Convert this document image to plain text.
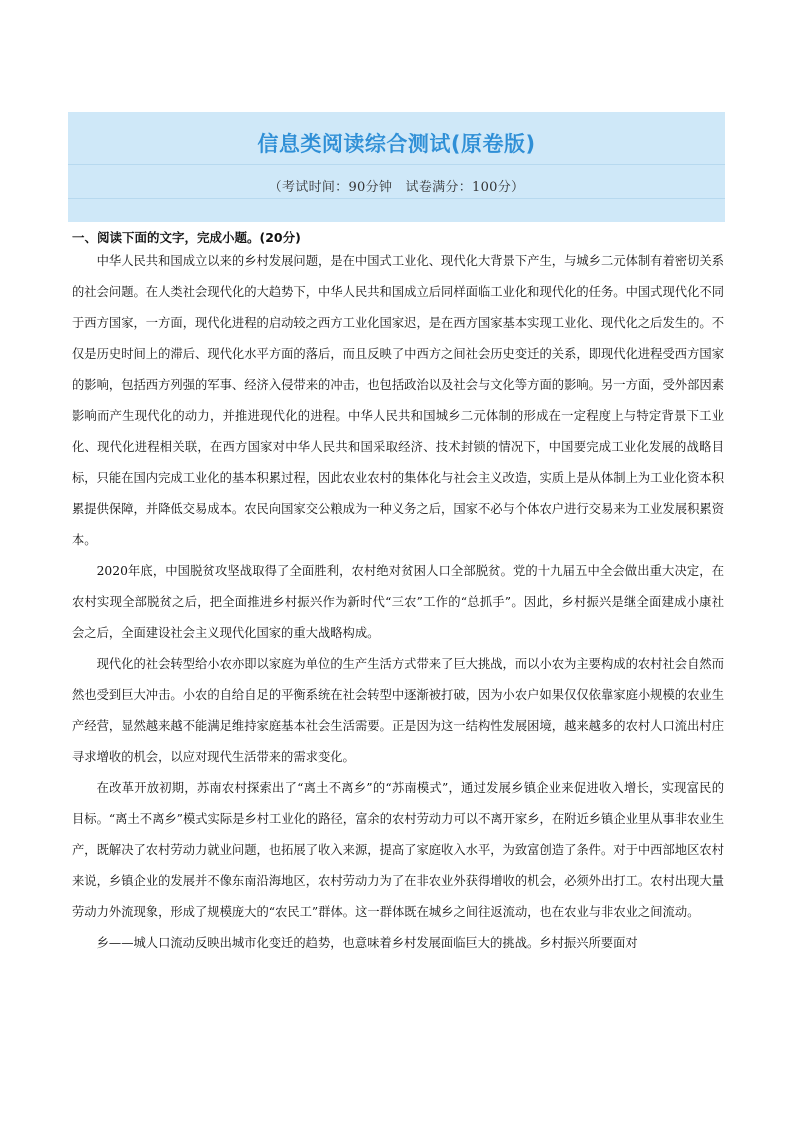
信息类阅读综合测试(原卷版)
（考试时间：90分钟　试卷满分：100分）
一、阅读下面的文字，完成小题。(20分)

中华人民共和国成立以来的乡村发展问题，是在中国式工业化、现代化大背景下产生，与城乡二元体制有着密切关系的社会问题。在人类社会现代化的大趋势下，中华人民共和国成立后同样面临工业化和现代化的任务。中国式现代化不同于西方国家，一方面，现代化进程的启动较之西方工业化国家迟，是在西方国家基本实现工业化、现代化之后发生的。不仅是历史时间上的滞后、现代化水平方面的落后，而且反映了中西方之间社会历史变迁的关系，即现代化进程受西方国家的影响，包括西方列强的军事、经济入侵带来的冲击，也包括政治以及社会与文化等方面的影响。另一方面，受外部因素影响而产生现代化的动力，并推进现代化的进程。中华人民共和国城乡二元体制的形成在一定程度上与特定背景下工业化、现代化进程相关联，在西方国家对中华人民共和国采取经济、技术封锁的情况下，中国要完成工业化发展的战略目标，只能在国内完成工业化的基本积累过程，因此农业农村的集体化与社会主义改造，实质上是从体制上为工业化资本积累提供保障，并降低交易成本。农民向国家交公粮成为一种义务之后，国家不必与个体农户进行交易来为工业发展积累资本。

2020年底，中国脱贫攻坚战取得了全面胜利，农村绝对贫困人口全部脱贫。党的十九届五中全会做出重大决定，在农村实现全部脱贫之后，把全面推进乡村振兴作为新时代“三农”工作的“总抓手”。因此，乡村振兴是继全面建成小康社会之后，全面建设社会主义现代化国家的重大战略构成。

现代化的社会转型给小农亦即以家庭为单位的生产生活方式带来了巨大挑战，而以小农为主要构成的农村社会自然而然也受到巨大冲击。小农的自给自足的平衡系统在社会转型中逐渐被打破，因为小农户如果仅仅依靠家庭小规模的农业生产经营，显然越来越不能满足维持家庭基本社会生活需要。正是因为这一结构性发展困境，越来越多的农村人口流出村庄寻求增收的机会，以应对现代生活带来的需求变化。

在改革开放初期，苏南农村探索出了“离土不离乡”的“苏南模式”，通过发展乡镇企业来促进收入增长，实现富民的目标。“离土不离乡”模式实际是乡村工业化的路径，富余的农村劳动力可以不离开家乡，在附近乡镇企业里从事非农业生产，既解决了农村劳动力就业问题，也拓展了收入来源，提高了家庭收入水平，为致富创造了条件。对于中西部地区农村来说，乡镇企业的发展并不像东南沿海地区，农村劳动力为了在非农业外获得增收的机会，必须外出打工。农村出现大量劳动力外流现象，形成了规模庞大的“农民工”群体。这一群体既在城乡之间往返流动，也在农业与非农业之间流动。

乡——城人口流动反映出城市化变迁的趋势，也意味着乡村发展面临巨大的挑战。乡村振兴所要面对
